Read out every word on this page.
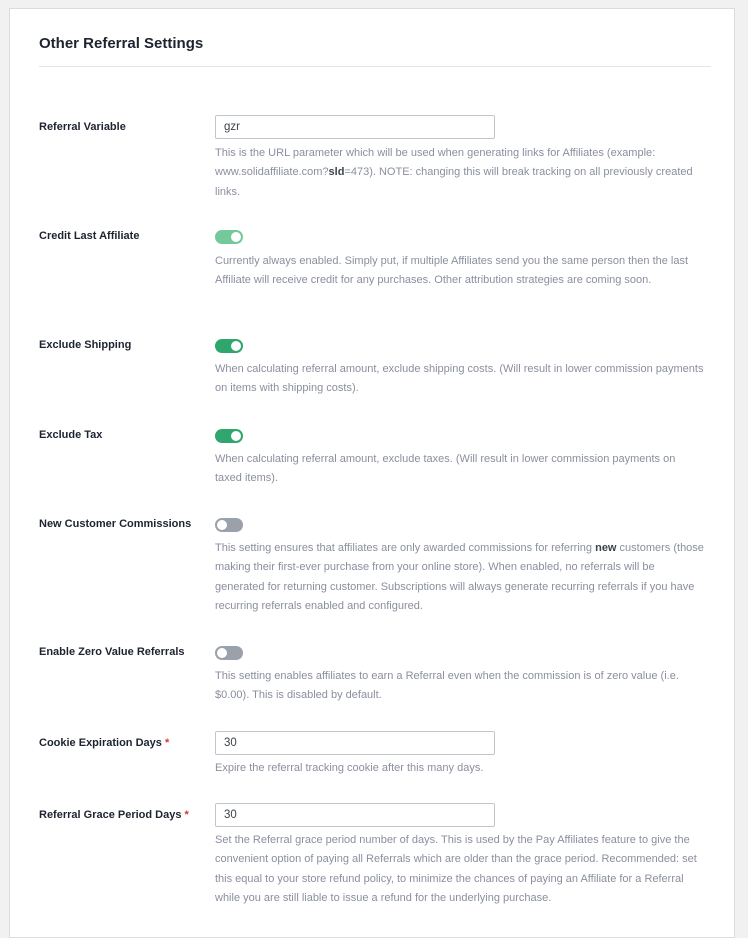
Other Referral Settings
Referral Variable
gzr

This is the URL parameter which will be used when generating links for Affiliates (example: www.solidaffiliate.com?sld=473). NOTE: changing this will break tracking on all previously created links.

Credit Last Affiliate

Currently always enabled. Simply put, if multiple Affiliates send you the same person then the last Affiliate will receive credit for any purchases. Other attribution strategies are coming soon.

Exclude Shipping

When calculating referral amount, exclude shipping costs. (Will result in lower commission payments on items with shipping costs).

Exclude Tax

When calculating referral amount, exclude taxes. (Will result in lower commission payments on taxed items).

New Customer Commissions

This setting ensures that affiliates are only awarded commissions for referring new customers (those making their first-ever purchase from your online store). When enabled, no referrals will be generated for returning customer. Subscriptions will always generate recurring referrals if you have recurring referrals enabled and configured.

Enable Zero Value Referrals

This setting enables affiliates to earn a Referral even when the commission is of zero value (i.e. $0.00). This is disabled by default.

Cookie Expiration Days *
30

Expire the referral tracking cookie after this many days.

Referral Grace Period Days *
30

Set the Referral grace period number of days. This is used by the Pay Affiliates feature to give the convenient option of paying all Referrals which are older than the grace period. Recommended: set this equal to your store refund policy, to minimize the chances of paying an Affiliate for a Referral while you are still liable to issue a refund for the underlying purchase.
